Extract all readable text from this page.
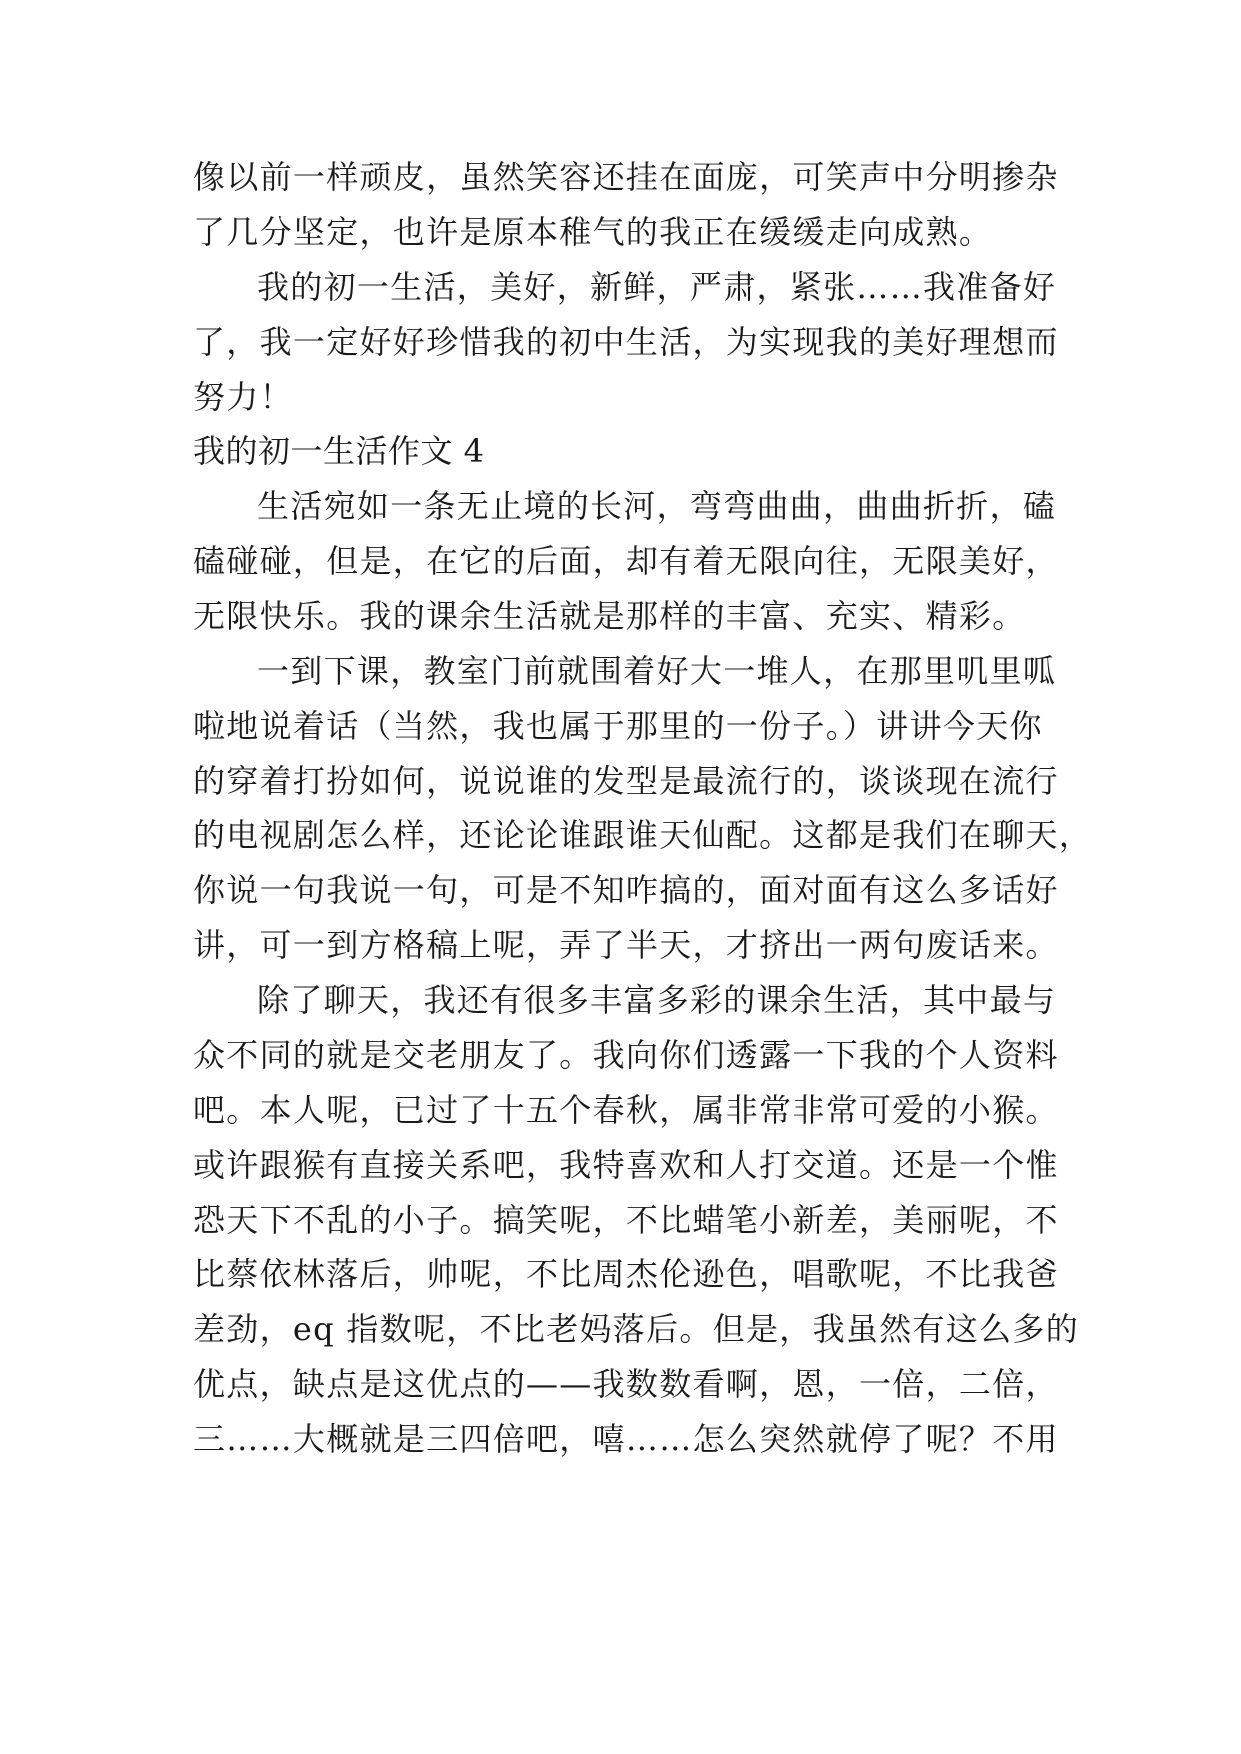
像以前一样顽皮，虽然笑容还挂在面庞，可笑声中分明掺杂
了几分坚定，也许是原本稚气的我正在缓缓走向成熟。
我的初一生活，美好，新鲜，严肃，紧张……我准备好
了，我一定好好珍惜我的初中生活，为实现我的美好理想而
努力！
我的初一生活作文 4
生活宛如一条无止境的长河，弯弯曲曲，曲曲折折，磕
磕碰碰，但是，在它的后面，却有着无限向往，无限美好，
无限快乐。我的课余生活就是那样的丰富、充实、精彩。
一到下课，教室门前就围着好大一堆人，在那里叽里呱
啦地说着话（当然，我也属于那里的一份子。）讲讲今天你
的穿着打扮如何，说说谁的发型是最流行的，谈谈现在流行
的电视剧怎么样，还论论谁跟谁天仙配。这都是我们在聊天，
你说一句我说一句，可是不知咋搞的，面对面有这么多话好
讲，可一到方格稿上呢，弄了半天，才挤出一两句废话来。
除了聊天，我还有很多丰富多彩的课余生活，其中最与
众不同的就是交老朋友了。我向你们透露一下我的个人资料
吧。本人呢，已过了十五个春秋，属非常非常可爱的小猴。
或许跟猴有直接关系吧，我特喜欢和人打交道。还是一个惟
恐天下不乱的小子。搞笑呢，不比蜡笔小新差，美丽呢，不
比蔡依林落后，帅呢，不比周杰伦逊色，唱歌呢，不比我爸
差劲，eq 指数呢，不比老妈落后。但是，我虽然有这么多的
优点，缺点是这优点的——我数数看啊，恩，一倍，二倍，
三……大概就是三四倍吧，嘻……怎么突然就停了呢？不用
